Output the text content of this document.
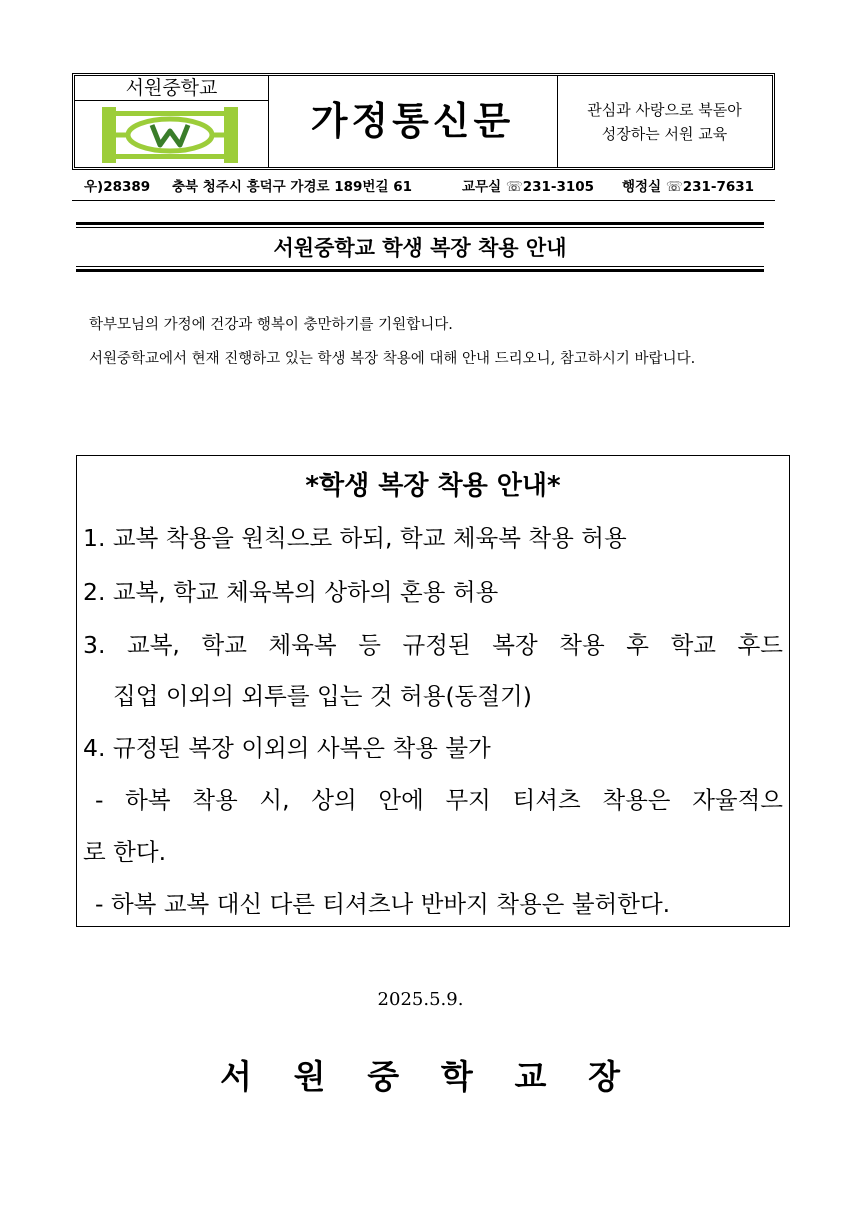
서원중학교
가정통신문	관심과 사랑으로 북돋아
성장하는 서원 교육
우)28389 충북 청주시 흥덕구 가경로 189번길 61	교무실 ☏231-3105 행정실 ☏231-7631
서원중학교 학생 복장 착용 안내

학부모님의 가정에 건강과 행복이 충만하기를 기원합니다.

서원중학교에서 현재 진행하고 있는 학생 복장 착용에 대해 안내 드리오니, 참고하시기 바랍니다.

*학생 복장 착용 안내*
1. 교복 착용을 원칙으로 하되, 학교 체육복 착용 허용
2. 교복, 학교 체육복의 상하의 혼용 허용
3. 교복, 학교 체육복 등 규정된 복장 착용 후 학교 후드
집업 이외의 외투를 입는 것 허용(동절기)
4. 규정된 복장 이외의 사복은 착용 불가
- 하복 착용 시, 상의 안에 무지 티셔츠 착용은 자율적으
로 한다.
- 하복 교복 대신 다른 티셔츠나 반바지 착용은 불허한다.
2025.5.9.
서 원 중 학 교 장
